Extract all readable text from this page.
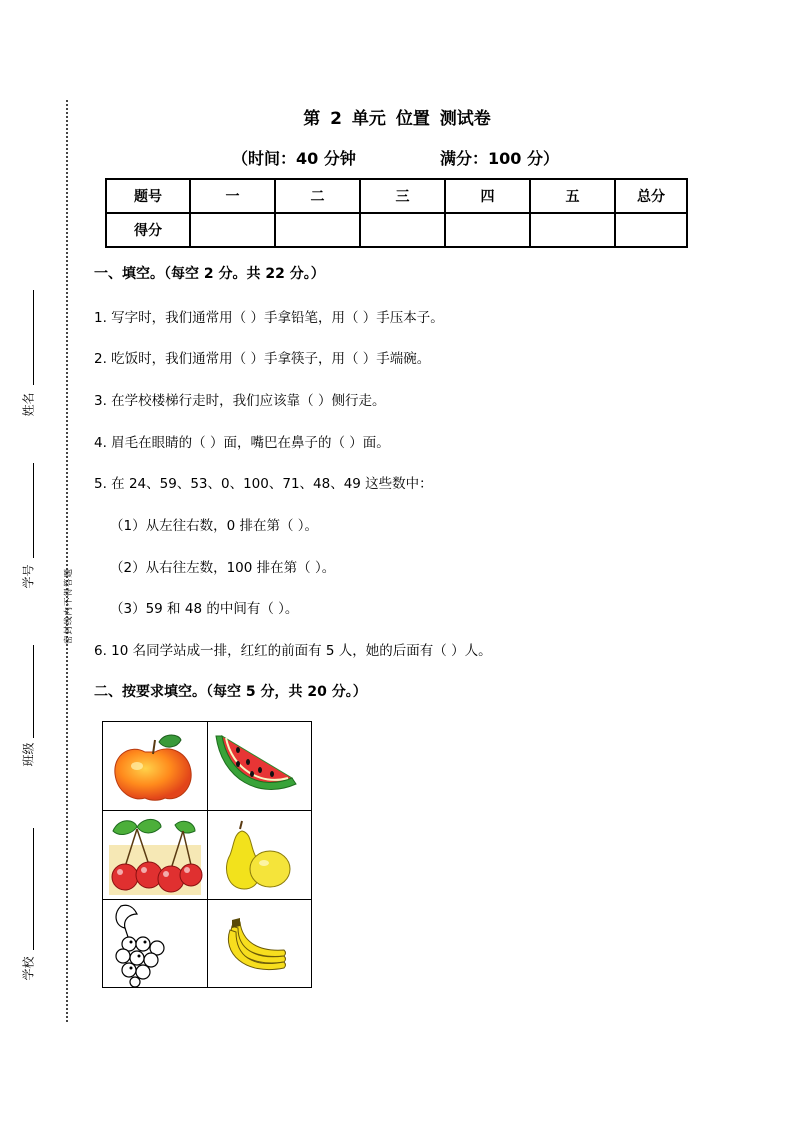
姓名
学号
班级
学校
密封线内不得答题
第 2 单元 位置 测试卷
（时间：40 分钟	满分：100 分）
题号	一	二	三	四	五	总分
得分						
一、填空。（每空 2 分。共 22 分。）
1. 写字时，我们通常用（ ）手拿铅笔，用（ ）手压本子。
2. 吃饭时，我们通常用（ ）手拿筷子，用（ ）手端碗。
3. 在学校楼梯行走时，我们应该靠（ ）侧行走。
4. 眉毛在眼睛的（ ）面，嘴巴在鼻子的（ ）面。
5. 在 24、59、53、0、100、71、48、49 这些数中：
（1）从左往右数，0 排在第（ ）。
（2）从右往左数，100 排在第（ ）。
（3）59 和 48 的中间有（ ）。
6. 10 名同学站成一排，红红的前面有 5 人，她的后面有（ ）人。
二、按要求填空。（每空 5 分，共 20 分。）
